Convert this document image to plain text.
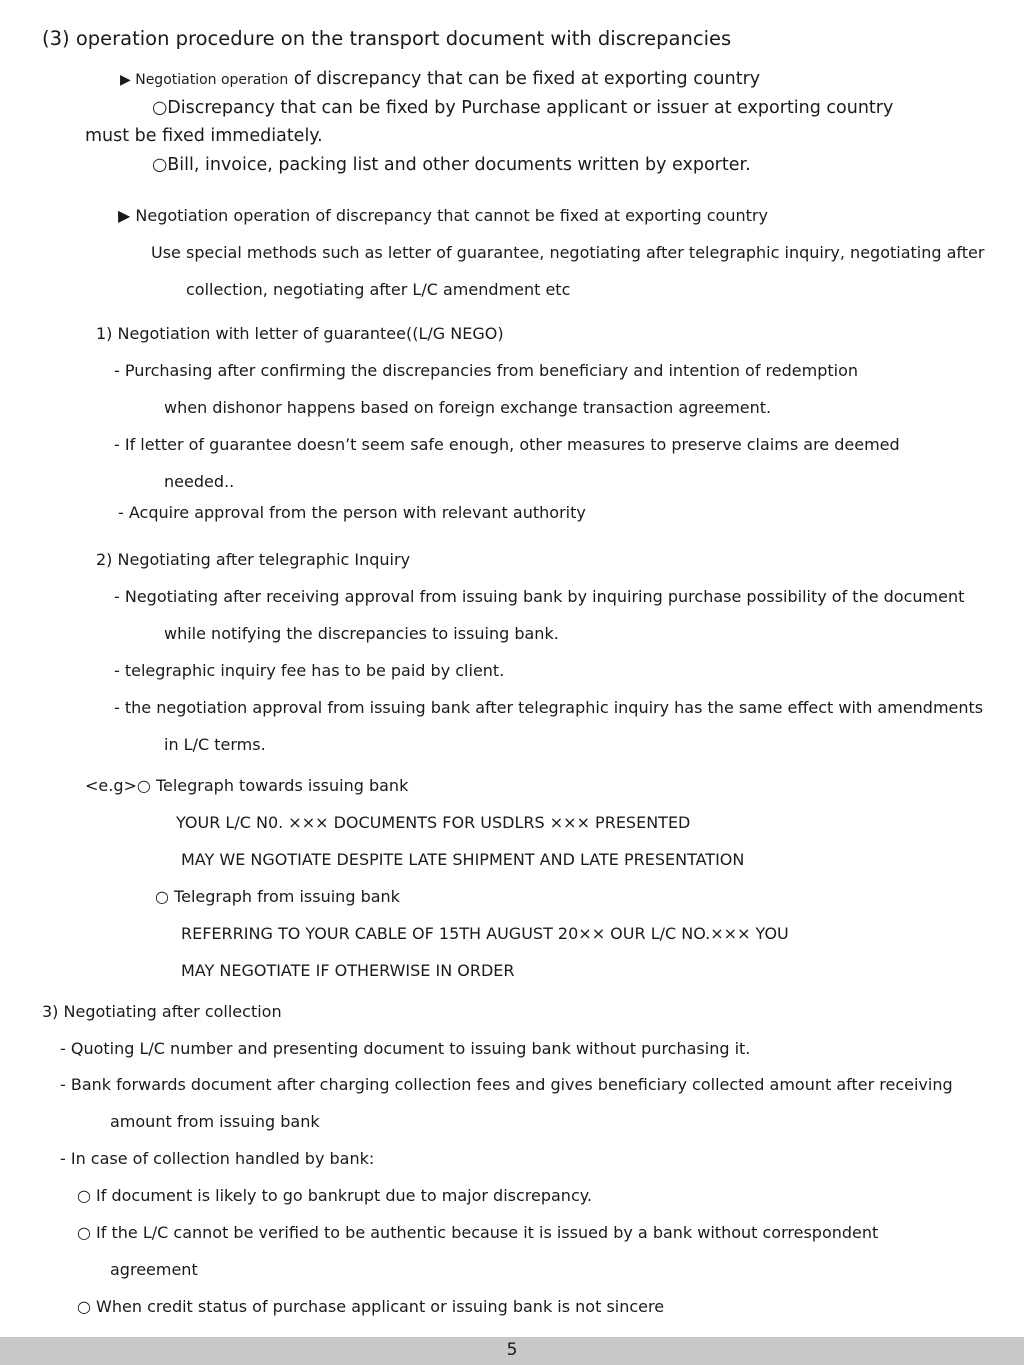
(3) operation procedure on the transport document with discrepancies
▶ Negotiation operation of discrepancy that can be fixed at exporting country
○Discrepancy that can be fixed by Purchase applicant or issuer at exporting country
must be fixed immediately.
○Bill, invoice, packing list and other documents written by exporter.
▶ Negotiation operation of discrepancy that cannot be fixed at exporting country
Use special methods such as letter of guarantee, negotiating after telegraphic inquiry, negotiating after
collection, negotiating after L/C amendment etc
1) Negotiation with letter of guarantee((L/G NEGO)
- Purchasing after confirming the discrepancies from beneficiary and intention of redemption
when dishonor happens based on foreign exchange transaction agreement.
- If letter of guarantee doesn’t seem safe enough, other measures to preserve claims are deemed
needed..
- Acquire approval from the person with relevant authority
2) Negotiating after telegraphic Inquiry
- Negotiating after receiving approval from issuing bank by inquiring purchase possibility of the document
while notifying the discrepancies to issuing bank.
- telegraphic inquiry fee has to be paid by client.
- the negotiation approval from issuing bank after telegraphic inquiry has the same effect with amendments
in L/C terms.
<e.g>○ Telegraph towards issuing bank
YOUR L/C N0. ××× DOCUMENTS FOR USDLRS ××× PRESENTED
MAY WE NGOTIATE DESPITE LATE SHIPMENT AND LATE PRESENTATION
○ Telegraph from issuing bank
REFERRING TO YOUR CABLE OF 15TH AUGUST 20×× OUR L/C NO.××× YOU
MAY NEGOTIATE IF OTHERWISE IN ORDER
3) Negotiating after collection
- Quoting L/C number and presenting document to issuing bank without purchasing it.
- Bank forwards document after charging collection fees and gives beneficiary collected amount after receiving
amount from issuing bank
- In case of collection handled by bank:
○ If document is likely to go bankrupt due to major discrepancy.
○ If the L/C cannot be verified to be authentic because it is issued by a bank without correspondent
agreement
○ When credit status of purchase applicant or issuing bank is not sincere
5
